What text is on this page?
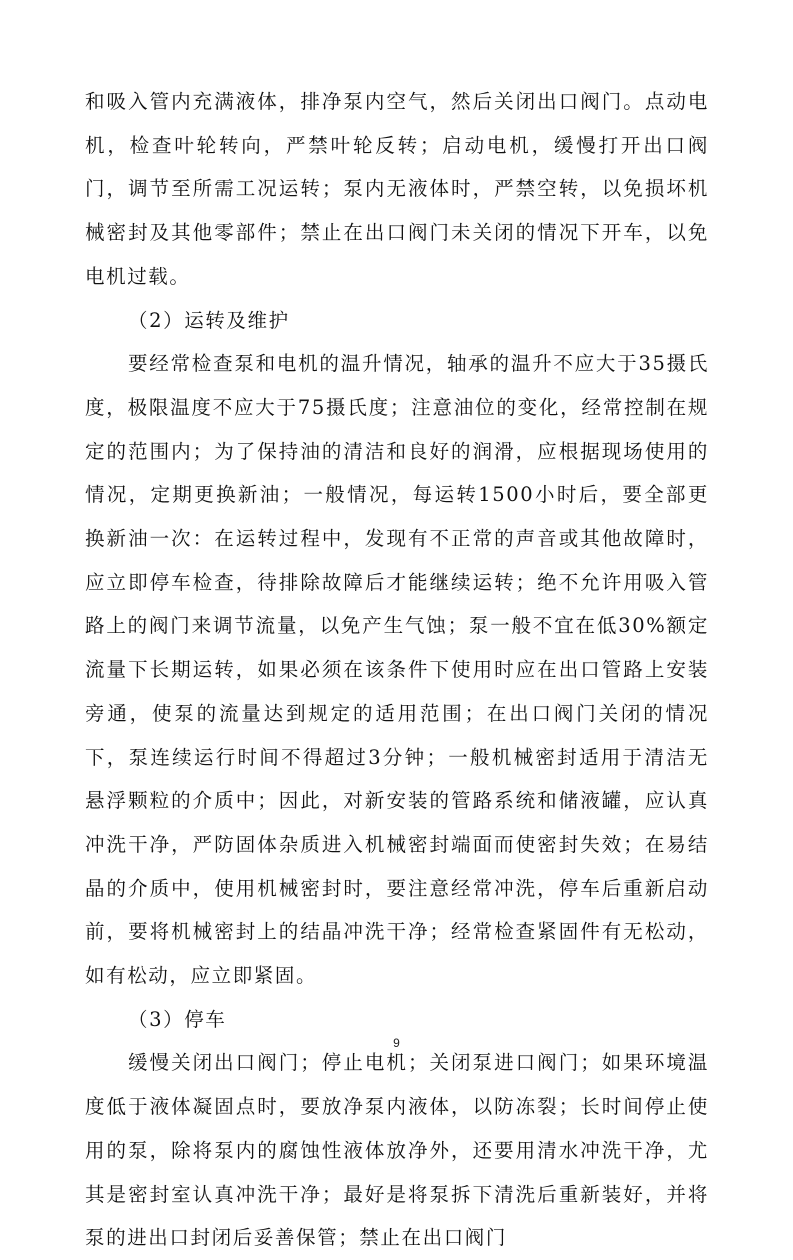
和吸入管内充满液体，排净泵内空气，然后关闭出口阀门。点动电机，检查叶轮转向，严禁叶轮反转；启动电机，缓慢打开出口阀门，调节至所需工况运转；泵内无液体时，严禁空转，以免损坏机械密封及其他零部件；禁止在出口阀门未关闭的情况下开车，以免电机过载。

（2）运转及维护

要经常检查泵和电机的温升情况，轴承的温升不应大于35摄氏度，极限温度不应大于75摄氏度；注意油位的变化，经常控制在规定的范围内；为了保持油的清洁和良好的润滑，应根据现场使用的情况，定期更换新油；一般情况，每运转1500小时后，要全部更换新油一次：在运转过程中，发现有不正常的声音或其他故障时，应立即停车检查，待排除故障后才能继续运转；绝不允许用吸入管路上的阀门来调节流量，以免产生气蚀；泵一般不宜在低30%额定流量下长期运转，如果必须在该条件下使用时应在出口管路上安装旁通，使泵的流量达到规定的适用范围；在出口阀门关闭的情况下，泵连续运行时间不得超过3分钟；一般机械密封适用于清洁无悬浮颗粒的介质中；因此，对新安装的管路系统和储液罐，应认真冲洗干净，严防固体杂质进入机械密封端面而使密封失效；在易结晶的介质中，使用机械密封时，要注意经常冲洗，停车后重新启动前，要将机械密封上的结晶冲洗干净；经常检查紧固件有无松动，如有松动，应立即紧固。

（3）停车

缓慢关闭出口阀门；停止电机；关闭泵进口阀门；如果环境温度低于液体凝固点时，要放净泵内液体，以防冻裂；长时间停止使用的泵，除将泵内的腐蚀性液体放净外，还要用清水冲洗干净，尤其是密封室认真冲洗干净；最好是将泵拆下清洗后重新装好，并将泵的进出口封闭后妥善保管；禁止在出口阀门

9
